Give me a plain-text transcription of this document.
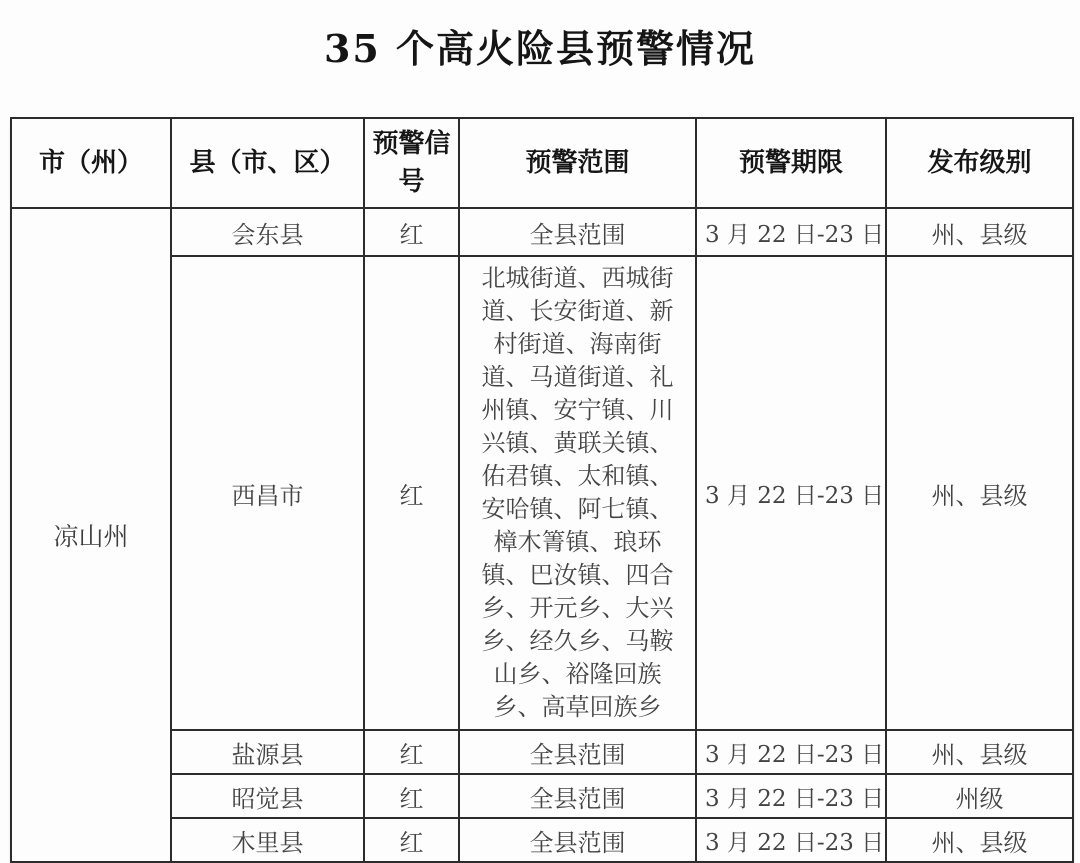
35 个高火险县预警情况
市（州）	县（市、区）	预警信号	预警范围	预警期限	发布级别
凉山州	会东县	红	全县范围	3 月 22 日-23 日	州、县级
	西昌市	红	北城街道、西城街道、长安街道、新村街道、海南街道、马道街道、礼州镇、安宁镇、川兴镇、黄联关镇、佑君镇、太和镇、安哈镇、阿七镇、樟木箐镇、琅环镇、巴汝镇、四合乡、开元乡、大兴乡、经久乡、马鞍山乡、裕隆回族乡、高草回族乡	3 月 22 日-23 日	州、县级
	盐源县	红	全县范围	3 月 22 日-23 日	州、县级
	昭觉县	红	全县范围	3 月 22 日-23 日	州级
	木里县	红	全县范围	3 月 22 日-23 日	州、县级
